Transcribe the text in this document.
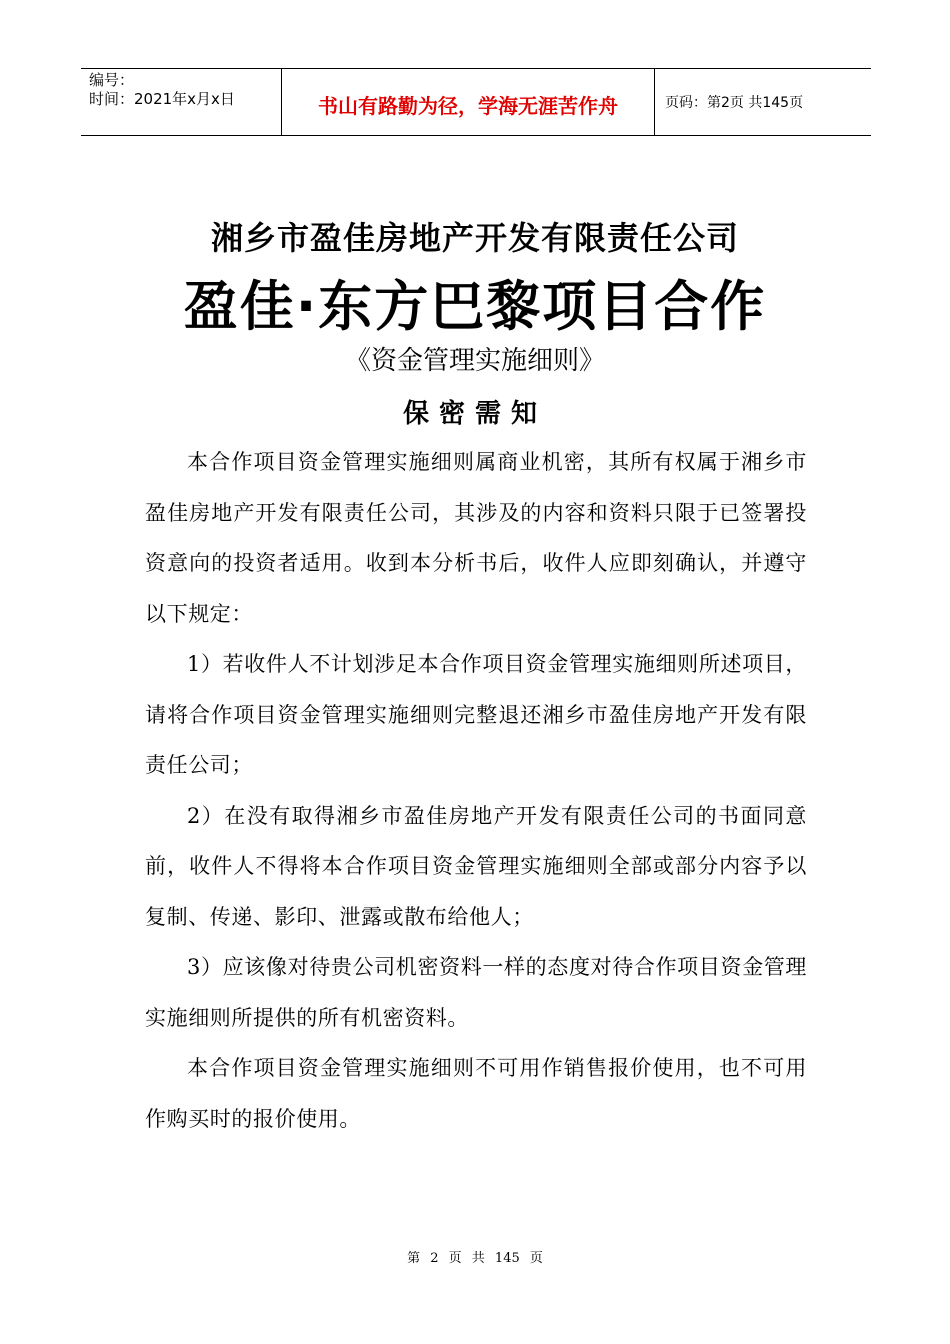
编号：
时间：2021年x月x日	书山有路勤为径，学海无涯苦作舟	页码：第2页 共145页
湘乡市盈佳房地产开发有限责任公司
盈佳·东方巴黎项目合作
《资金管理实施细则》
保密需知

本合作项目资金管理实施细则属商业机密，其所有权属于湘乡市盈佳房地产开发有限责任公司，其涉及的内容和资料只限于已签署投资意向的投资者适用。收到本分析书后，收件人应即刻确认，并遵守以下规定：

1）若收件人不计划涉足本合作项目资金管理实施细则所述项目，请将合作项目资金管理实施细则完整退还湘乡市盈佳房地产开发有限责任公司；

2）在没有取得湘乡市盈佳房地产开发有限责任公司的书面同意前，收件人不得将本合作项目资金管理实施细则全部或部分内容予以复制、传递、影印、泄露或散布给他人；

3）应该像对待贵公司机密资料一样的态度对待合作项目资金管理实施细则所提供的所有机密资料。

本合作项目资金管理实施细则不可用作销售报价使用，也不可用作购买时的报价使用。

第 2 页 共 145 页
